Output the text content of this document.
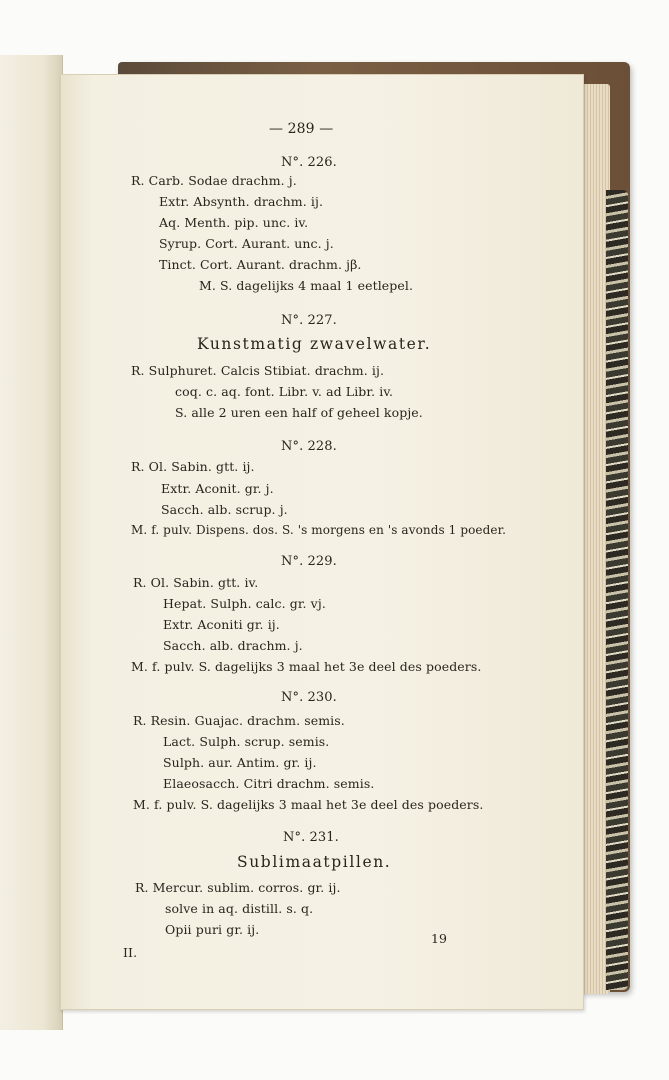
— 289 —
N°. 226.
R. Carb. Sodae drachm. j.
Extr. Absynth. drachm. ij.
Aq. Menth. pip. unc. iv.
Syrup. Cort. Aurant. unc. j.
Tinct. Cort. Aurant. drachm. jβ.
M. S. dagelijks 4 maal 1 eetlepel.
N°. 227.
Kunstmatig zwavelwater.
R. Sulphuret. Calcis Stibiat. drachm. ij.
coq. c. aq. font. Libr. v. ad Libr. iv.
S. alle 2 uren een half of geheel kopje.
N°. 228.
R. Ol. Sabin. gtt. ij.
Extr. Aconit. gr. j.
Sacch. alb. scrup. j.
M. f. pulv. Dispens. dos. S. 's morgens en 's avonds 1 poeder.
N°. 229.
R. Ol. Sabin. gtt. iv.
Hepat. Sulph. calc. gr. vj.
Extr. Aconiti gr. ij.
Sacch. alb. drachm. j.
M. f. pulv. S. dagelijks 3 maal het 3e deel des poeders.
N°. 230.
R. Resin. Guajac. drachm. semis.
Lact. Sulph. scrup. semis.
Sulph. aur. Antim. gr. ij.
Elaeosacch. Citri drachm. semis.
M. f. pulv. S. dagelijks 3 maal het 3e deel des poeders.
N°. 231.
Sublimaatpillen.
R. Mercur. sublim. corros. gr. ij.
solve in aq. distill. s. q.
Opii puri gr. ij.
II.
19
